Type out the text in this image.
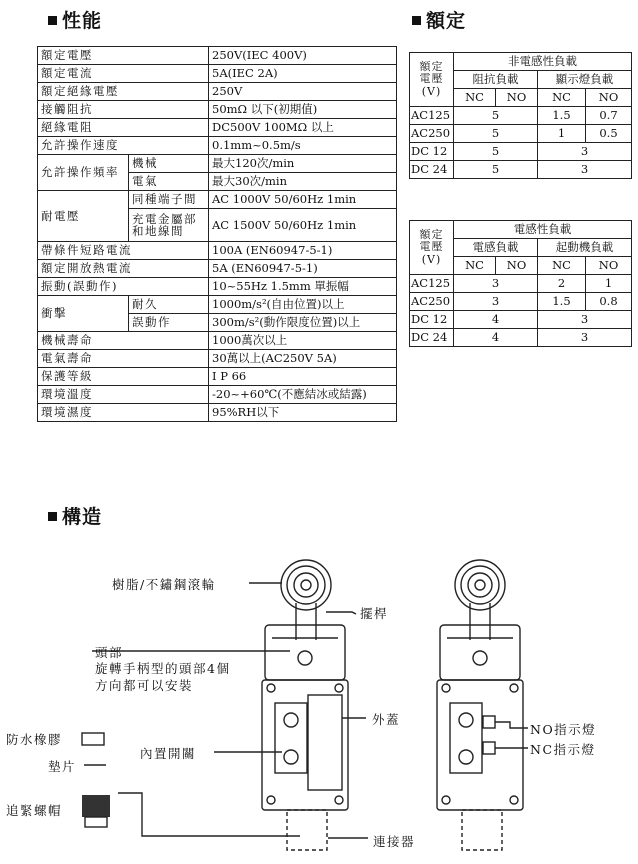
性能	額定
構造
額定電壓		250V(IEC 400V)
額定電流		5A(IEC 2A)
額定絕緣電壓		250V
接觸阻抗		50mΩ 以下(初期值)
絕緣電阻		DC500V 100MΩ 以上
允許操作速度		0.1mm~0.5m/s
允許操作頻率	機械	最大120次/min
	電氣	最大30次/min
耐電壓	同種端子間	AC 1000V 50/60Hz 1min

	充電金屬部
和地線間	AC 1500V 50/60Hz 1min
帶條件短路電流		100A (EN60947-5-1)
額定開放熱電流		5A (EN60947-5-1)
振動(誤動作)		10~55Hz 1.5mm 單振幅
衝擊	耐久	1000m/s²(自由位置)以上
	誤動作	300m/s²(動作限度位置)以上
機械壽命		1000萬次以上
電氣壽命		30萬以上(AC250V 5A)
保護等級		I P 66
環境溫度		-20~+60℃(不應結冰或結露)
環境濕度		95%RH以下
額定
電壓
(V)	非電感性負載			
	阻抗負載		顯示燈負載	
	NC	NO	NC	NO
AC125	5		1.5	0.7
AC250	5		1	0.5
DC 12	5		3	
DC 24	5		3	
額定
電壓
(V)	電感性負載			
	電感負載		起動機負載	
	NC	NO	NC	NO
AC125	3		2	1
AC250	3		1.5	0.8
DC 12	4		3	
DC 24	4		3	
樹脂/不鏽鋼滾輪
擺桿
頭部
旋轉手柄型的頭部4個
方向都可以安裝
外蓋
防水橡膠
內置開關
墊片
NO指示燈
NC指示燈
追緊螺帽
連接器
